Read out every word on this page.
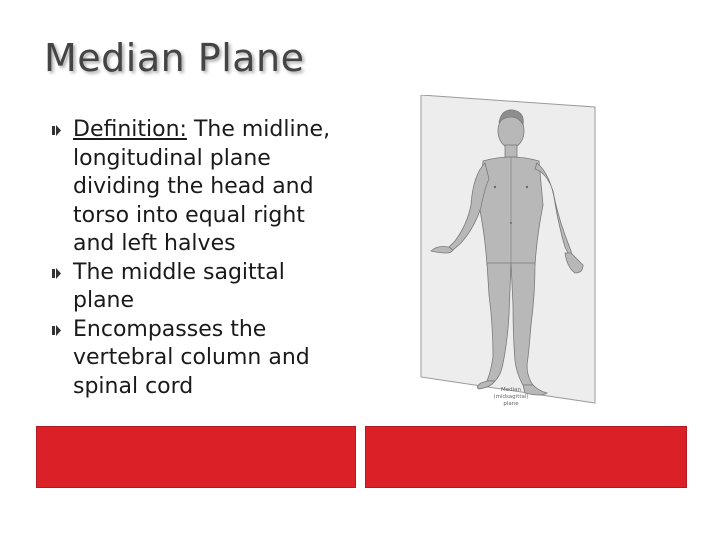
Median Plane
Definition: The midline, longitudinal plane dividing the head and torso into equal right and left halves
The middle sagittal plane
Encompasses the vertebral column and spinal cord	Median
(midsagittal)
plane
